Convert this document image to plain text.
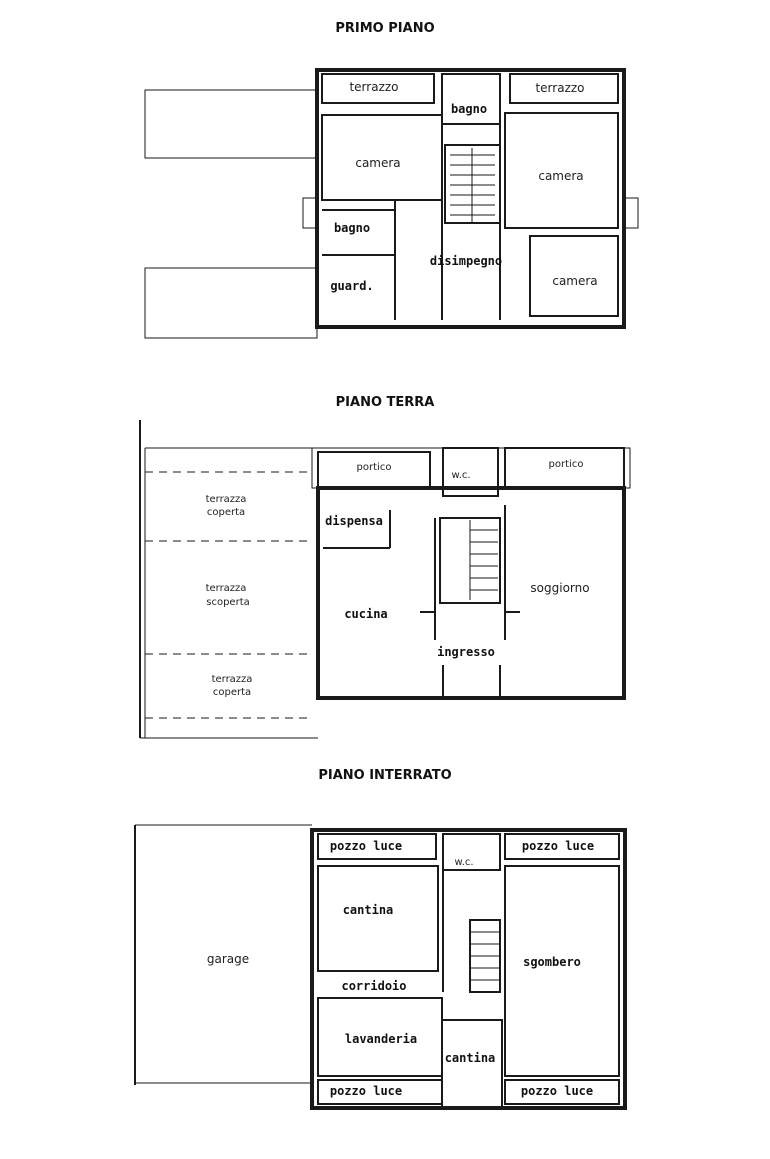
PRIMO PIANO
PIANO TERRA
PIANO INTERRATO
terrazzo
bagno
terrazzo
camera
camera
bagno
disimpegno
camera
guard.
portico
w.c.
portico
terrazza
coperta
dispensa
terrazza
scoperta
cucina
soggiorno
ingresso
terrazza
coperta
pozzo luce
w.c.
pozzo luce
cantina
garage	sgombero
corridoio
lavanderia
cantina
pozzo luce	pozzo luce
